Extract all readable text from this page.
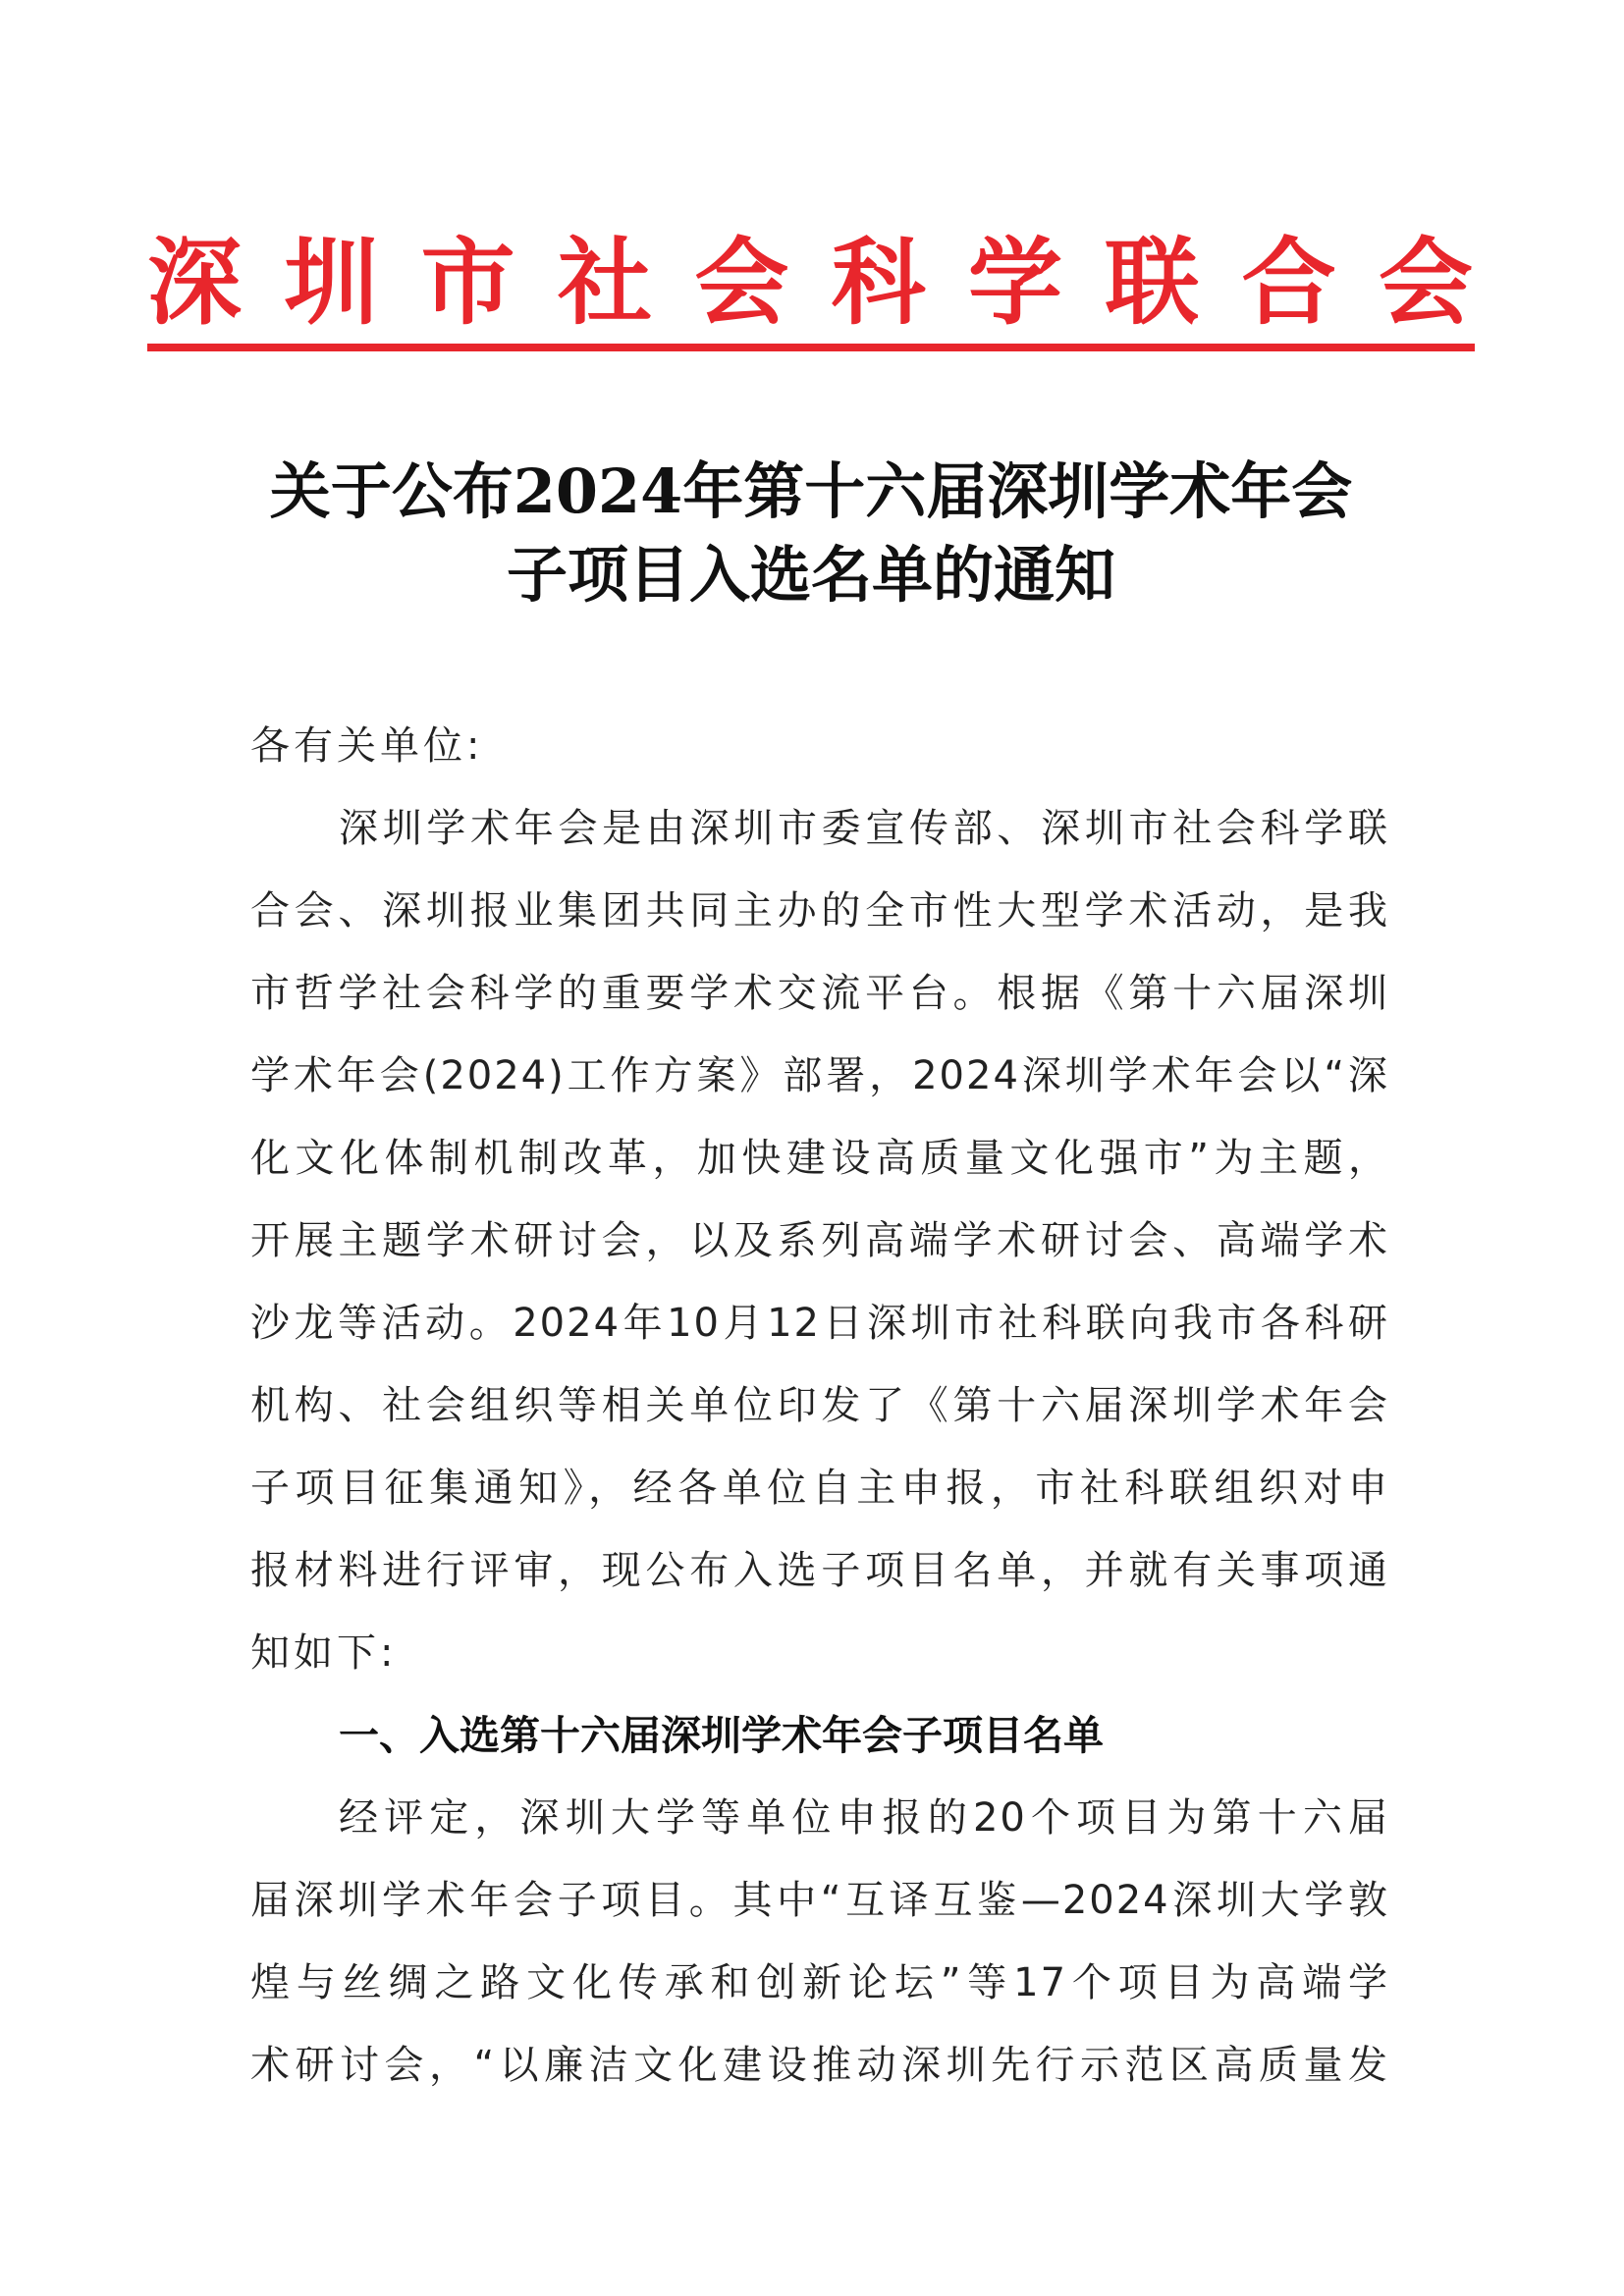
深 圳 市 社 会 科 学 联 合 会
关于公布2024年第十六届深圳学术年会
子项目入选名单的通知
各有关单位:
深圳学术年会是由深圳市委宣传部、深圳市社会科学联
合会、深圳报业集团共同主办的全市性大型学术活动，是我
市哲学社会科学的重要学术交流平台。根据《第十六届深圳
学术年会(2024)工作方案》部署，2024深圳学术年会以“深
化文化体制机制改革，加快建设高质量文化强市”为主题，
开展主题学术研讨会，以及系列高端学术研讨会、高端学术
沙龙等活动。2024年10月12日深圳市社科联向我市各科研
机构、社会组织等相关单位印发了《第十六届深圳学术年会
子项目征集通知》，经各单位自主申报，市社科联组织对申
报材料进行评审，现公布入选子项目名单，并就有关事项通
知如下:
一、入选第十六届深圳学术年会子项目名单
经评定，深圳大学等单位申报的20个项目为第十六届
届深圳学术年会子项目。其中“互译互鉴—2024深圳大学敦
煌与丝绸之路文化传承和创新论坛”等17个项目为高端学
术研讨会，“以廉洁文化建设推动深圳先行示范区高质量发
